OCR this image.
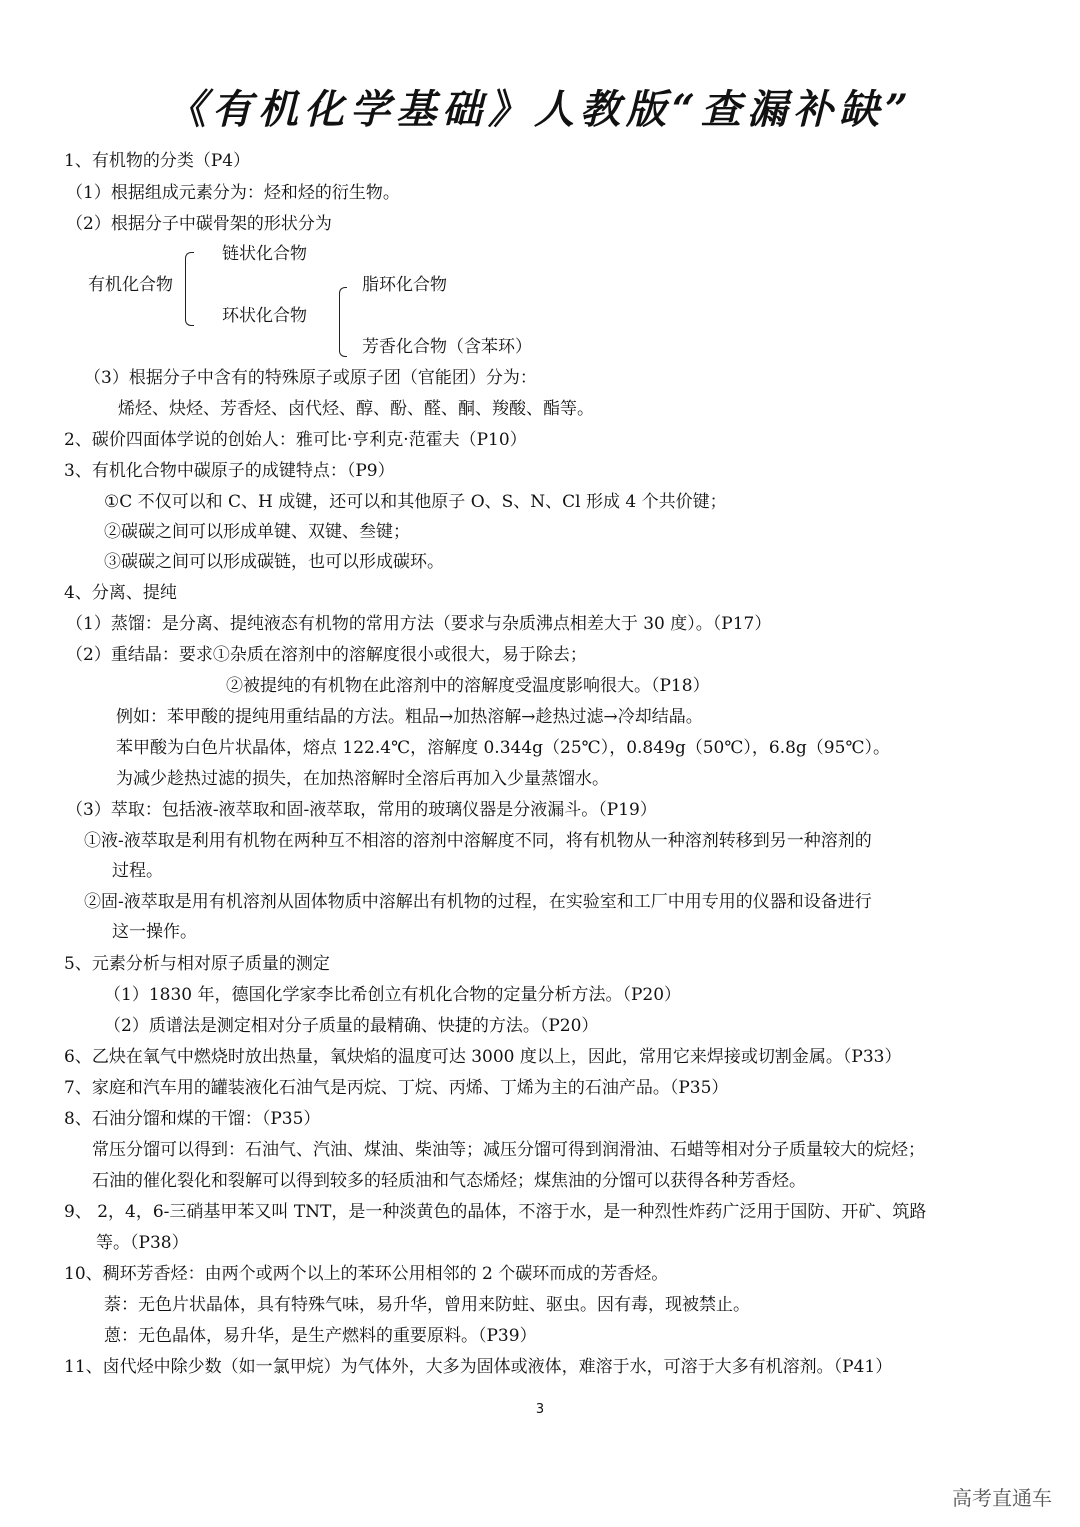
《有机化学基础》人教版“查漏补缺”
1、有机物的分类（P4）
（1）根据组成元素分为：烃和烃的衍生物。
（2）根据分子中碳骨架的形状分为
有机化合物
链状化合物
环状化合物
脂环化合物
芳香化合物（含苯环）
（3）根据分子中含有的特殊原子或原子团（官能团）分为：
烯烃、炔烃、芳香烃、卤代烃、醇、酚、醛、酮、羧酸、酯等。
2、碳价四面体学说的创始人：雅可比·亨利克·范霍夫（P10）
3、有机化合物中碳原子的成键特点：（P9）
①C 不仅可以和 C、H 成键，还可以和其他原子 O、S、N、Cl 形成 4 个共价键；
②碳碳之间可以形成单键、双键、叁键；
③碳碳之间可以形成碳链，也可以形成碳环。
4、分离、提纯
（1）蒸馏：是分离、提纯液态有机物的常用方法（要求与杂质沸点相差大于 30 度）。（P17）
（2）重结晶：要求①杂质在溶剂中的溶解度很小或很大，易于除去；
②被提纯的有机物在此溶剂中的溶解度受温度影响很大。（P18）
例如：苯甲酸的提纯用重结晶的方法。粗品→加热溶解→趁热过滤→冷却结晶。
苯甲酸为白色片状晶体，熔点 122.4℃，溶解度 0.344g（25℃），0.849g（50℃），6.8g（95℃）。
为减少趁热过滤的损失，在加热溶解时全溶后再加入少量蒸馏水。
（3）萃取：包括液-液萃取和固-液萃取，常用的玻璃仪器是分液漏斗。（P19）
①液-液萃取是利用有机物在两种互不相溶的溶剂中溶解度不同，将有机物从一种溶剂转移到另一种溶剂的
过程。
②固-液萃取是用有机溶剂从固体物质中溶解出有机物的过程，在实验室和工厂中用专用的仪器和设备进行
这一操作。
5、元素分析与相对原子质量的测定
（1）1830 年，德国化学家李比希创立有机化合物的定量分析方法。（P20）
（2）质谱法是测定相对分子质量的最精确、快捷的方法。（P20）
6、乙炔在氧气中燃烧时放出热量，氧炔焰的温度可达 3000 度以上，因此，常用它来焊接或切割金属。（P33）
7、家庭和汽车用的罐装液化石油气是丙烷、丁烷、丙烯、丁烯为主的石油产品。（P35）
8、石油分馏和煤的干馏：（P35）
常压分馏可以得到：石油气、汽油、煤油、柴油等；减压分馏可得到润滑油、石蜡等相对分子质量较大的烷烃；
石油的催化裂化和裂解可以得到较多的轻质油和气态烯烃；煤焦油的分馏可以获得各种芳香烃。
9、 2，4，6-三硝基甲苯又叫 TNT，是一种淡黄色的晶体，不溶于水，是一种烈性炸药广泛用于国防、开矿、筑路
等。（P38）
10、稠环芳香烃：由两个或两个以上的苯环公用相邻的 2 个碳环而成的芳香烃。
萘：无色片状晶体，具有特殊气味，易升华，曾用来防蛀、驱虫。因有毒，现被禁止。
蒽：无色晶体，易升华，是生产燃料的重要原料。（P39）
11、卤代烃中除少数（如一氯甲烷）为气体外，大多为固体或液体，难溶于水，可溶于大多有机溶剂。（P41）
3
高考直通车
